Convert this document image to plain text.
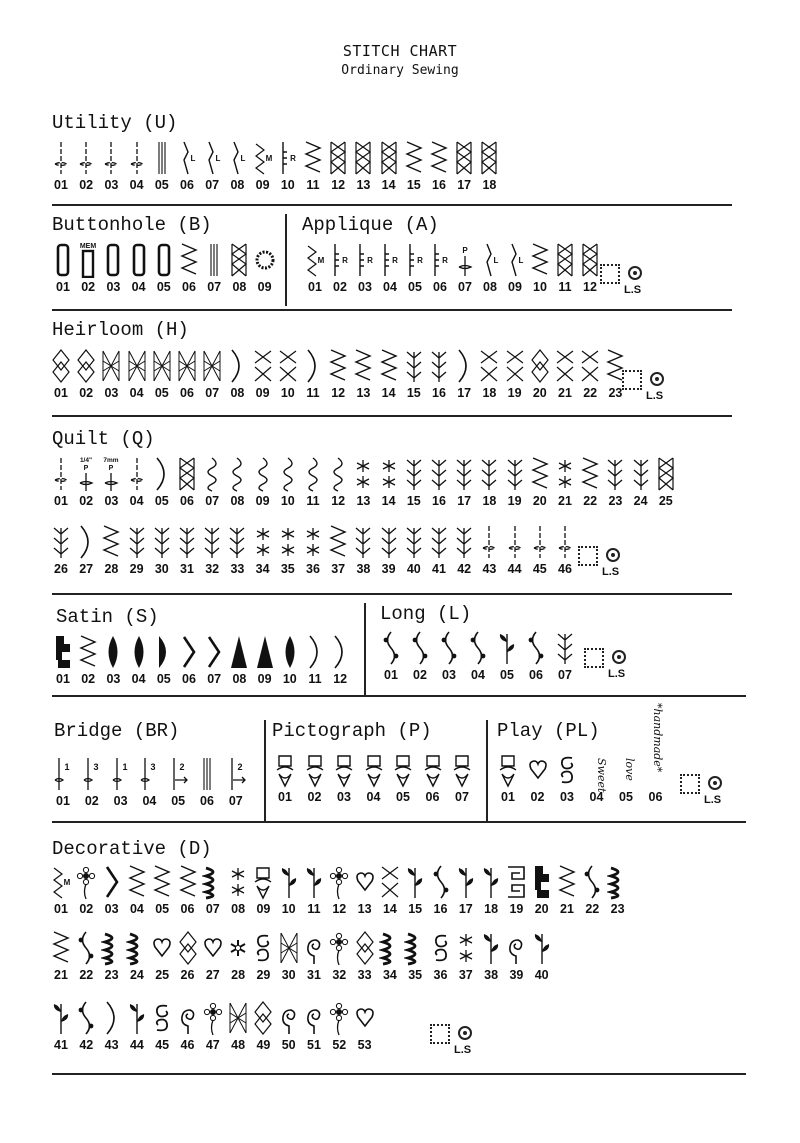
STITCH CHART
Ordinary Sewing
Utility (U)
Buttonhole (B)	Applique (A)
Heirloom (H)
Quilt (Q)
Satin (S)	Long (L)
Bridge (BR)	Pictograph (P)	Play (PL)
Decorative (D)
01 02 03 04 05
L
06
L
07
L
08
M
09
R
10 11 12 13 14 15 16 17 18
01
MEM
02 03 04 05 06 07 08 09
M
01
R
02
R
03
R
04
R
05
R
06
P
07
L
08
L
09 10 11 12	L.S
01 02 03 04 05 06 07 08 09 10 11 12 13 14 15 16 17 18 19 20 21 22 23	L.S
01
1/4"
P
02
7mm
P
03 04 05 06 07 08 09 10 11 12 13 14 15 16 17 18 19 20 21 22 23 24 25
26 27 28 29 30 31 32 33 34 35 36 37 38 39 40 41 42 43 44 45 46	L.S
01 02 03 04 05 06 07 08 09 10 11 12	01	02	03	04	05	06	07	L.S
1
01
3
02
1
03
3
04
2
05	06
2
07	01	02	03	04	05	06	07	01	02	03	04	05	06	L.S
M
01 02 03 04 05 06 07 08 09 10 11 12 13 14 15 16 17 18 19 20 21 22 23
21 22 23 24 25 26 27 28 29 30 31 32 33 34 35 36 37 38 39 40
41 42 43 44 45 46 47 48 49 50 51 52 53	L.S
Sweet love *handmade*
